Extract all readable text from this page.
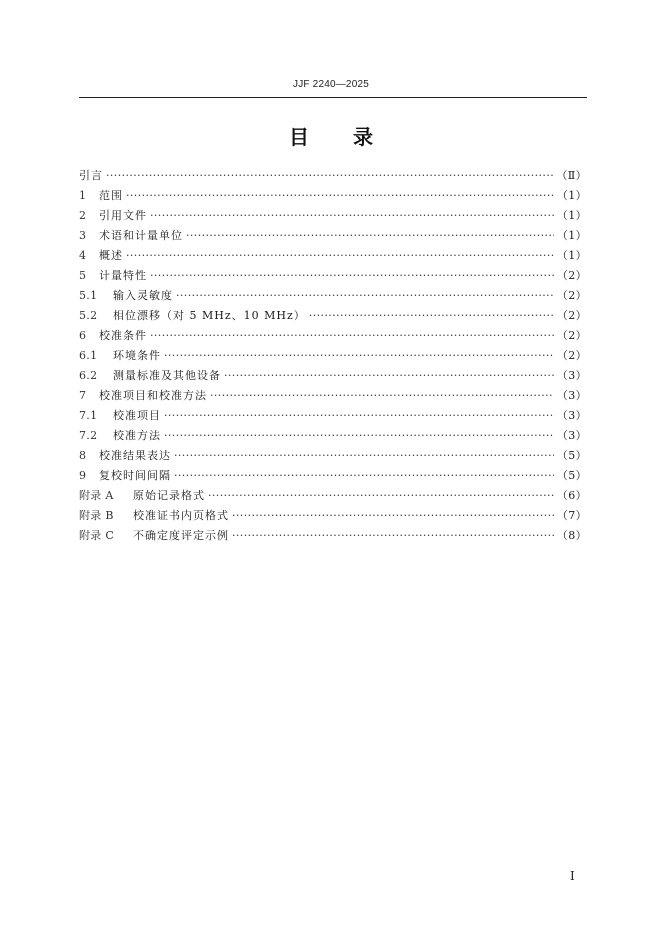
JJF 2240—2025
目 录
引言 ·····	（Ⅱ）
1	范围 ·····	（1）
2	引用文件 ·····	（1）
3	术语和计量单位 ·····	（1）
4	概述 ·····	（1）
5	计量特性 ·····	（2）
5.1	输入灵敏度 ·····	（2）
5.2	相位漂移（对 5 MHz、10 MHz） ·····	（2）
6	校准条件 ·····	（2）
6.1	环境条件 ·····	（2）
6.2	测量标准及其他设备 ·····	（3）
7	校准项目和校准方法 ·····	（3）
7.1	校准项目 ·····	（3）
7.2	校准方法 ·····	（3）
8	校准结果表达 ·····	（5）
9	复校时间间隔 ·····	（5）
附录 A	原始记录格式 ·····	（6）
附录 B	校准证书内页格式 ·····	（7）
附录 C	不确定度评定示例 ·····	（8）
I
